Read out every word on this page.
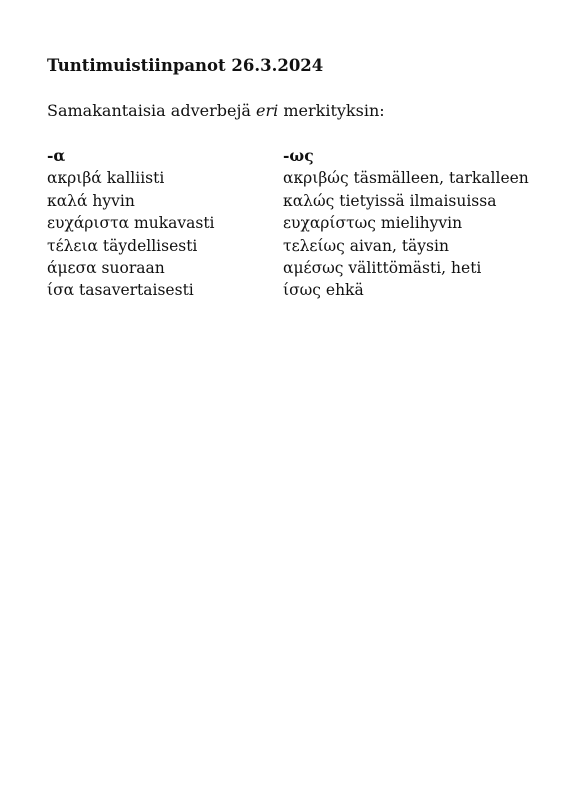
Tuntimuistiinpanot 26.3.2024
Samakantaisia adverbejä eri merkityksin:
-α
ακριβά kalliisti
καλά hyvin
ευχάριστα mukavasti
τέλεια täydellisesti
άμεσα suoraan
ίσα tasavertaisesti
-ως
ακριβώς täsmälleen, tarkalleen
καλώς tietyissä ilmaisuissa
ευχαρίστως mielihyvin
τελείως aivan, täysin
αμέσως välittömästi, heti
ίσως ehkä
